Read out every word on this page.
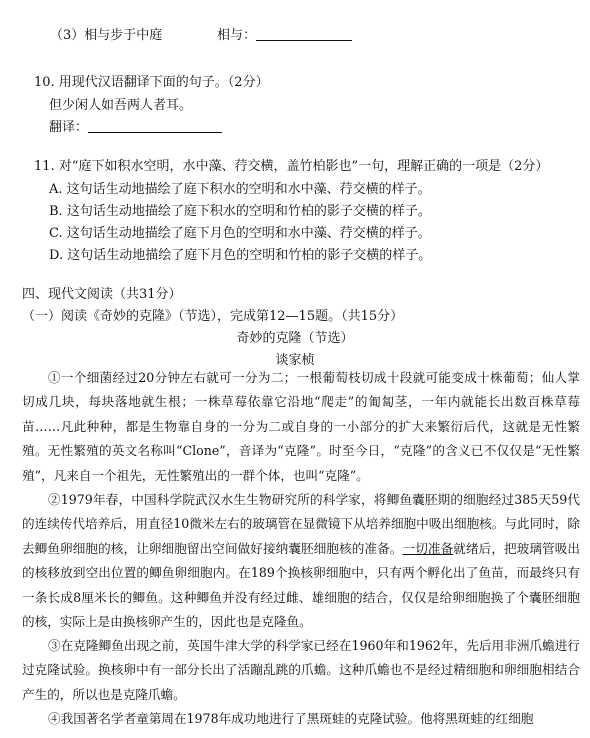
（3）相与步于中庭	相与：
10. 用现代汉语翻译下面的句子。（2分）
但少闲人如吾两人者耳。
翻译：
11. 对“庭下如积水空明，水中藻、荇交横，盖竹柏影也”一句，理解正确的一项是（2分）
A. 这句话生动地描绘了庭下积水的空明和水中藻、荇交横的样子。
B. 这句话生动地描绘了庭下积水的空明和竹柏的影子交横的样子。
C. 这句话生动地描绘了庭下月色的空明和水中藻、荇交横的样子。
D. 这句话生动地描绘了庭下月色的空明和竹柏的影子交横的样子。
四、现代文阅读（共31分）
（一）阅读《奇妙的克隆》（节选），完成第12—15题。（共15分）
奇妙的克隆（节选）
谈家桢
①一个细菌经过20分钟左右就可一分为二；一根葡萄枝切成十段就可能变成十株葡萄；仙人掌切成几块，每块落地就生根；一株草莓依靠它沿地“爬走”的匍匐茎，一年内就能长出数百株草莓苗……凡此种种，都是生物靠自身的一分为二或自身的一小部分的扩大来繁衍后代，这就是无性繁殖。无性繁殖的英文名称叫“Clone”，音译为“克隆”。时至今日，“克隆”的含义已不仅仅是“无性繁殖”，凡来自一个祖先，无性繁殖出的一群个体，也叫“克隆”。
②1979年春，中国科学院武汉水生生物研究所的科学家，将鲫鱼囊胚期的细胞经过385天59代的连续传代培养后，用直径10微米左右的玻璃管在显微镜下从培养细胞中吸出细胞核。与此同时，除去鲫鱼卵细胞的核，让卵细胞留出空间做好接纳囊胚细胞核的准备。一切准备就绪后，把玻璃管吸出的核移放到空出位置的鲫鱼卵细胞内。在189个换核卵细胞中，只有两个孵化出了鱼苗，而最终只有一条长成8厘米长的鲫鱼。这种鲫鱼并没有经过雌、雄细胞的结合，仅仅是给卵细胞换了个囊胚细胞的核，实际上是由换核卵产生的，因此也是克隆鱼。
③在克隆鲫鱼出现之前，英国牛津大学的科学家已经在1960年和1962年，先后用非洲爪蟾进行过克隆试验。换核卵中有一部分长出了活蹦乱跳的爪蟾。这种爪蟾也不是经过精细胞和卵细胞相结合产生的，所以也是克隆爪蟾。
④我国著名学者童第周在1978年成功地进行了黑斑蛙的克隆试验。他将黑斑蛙的红细胞
